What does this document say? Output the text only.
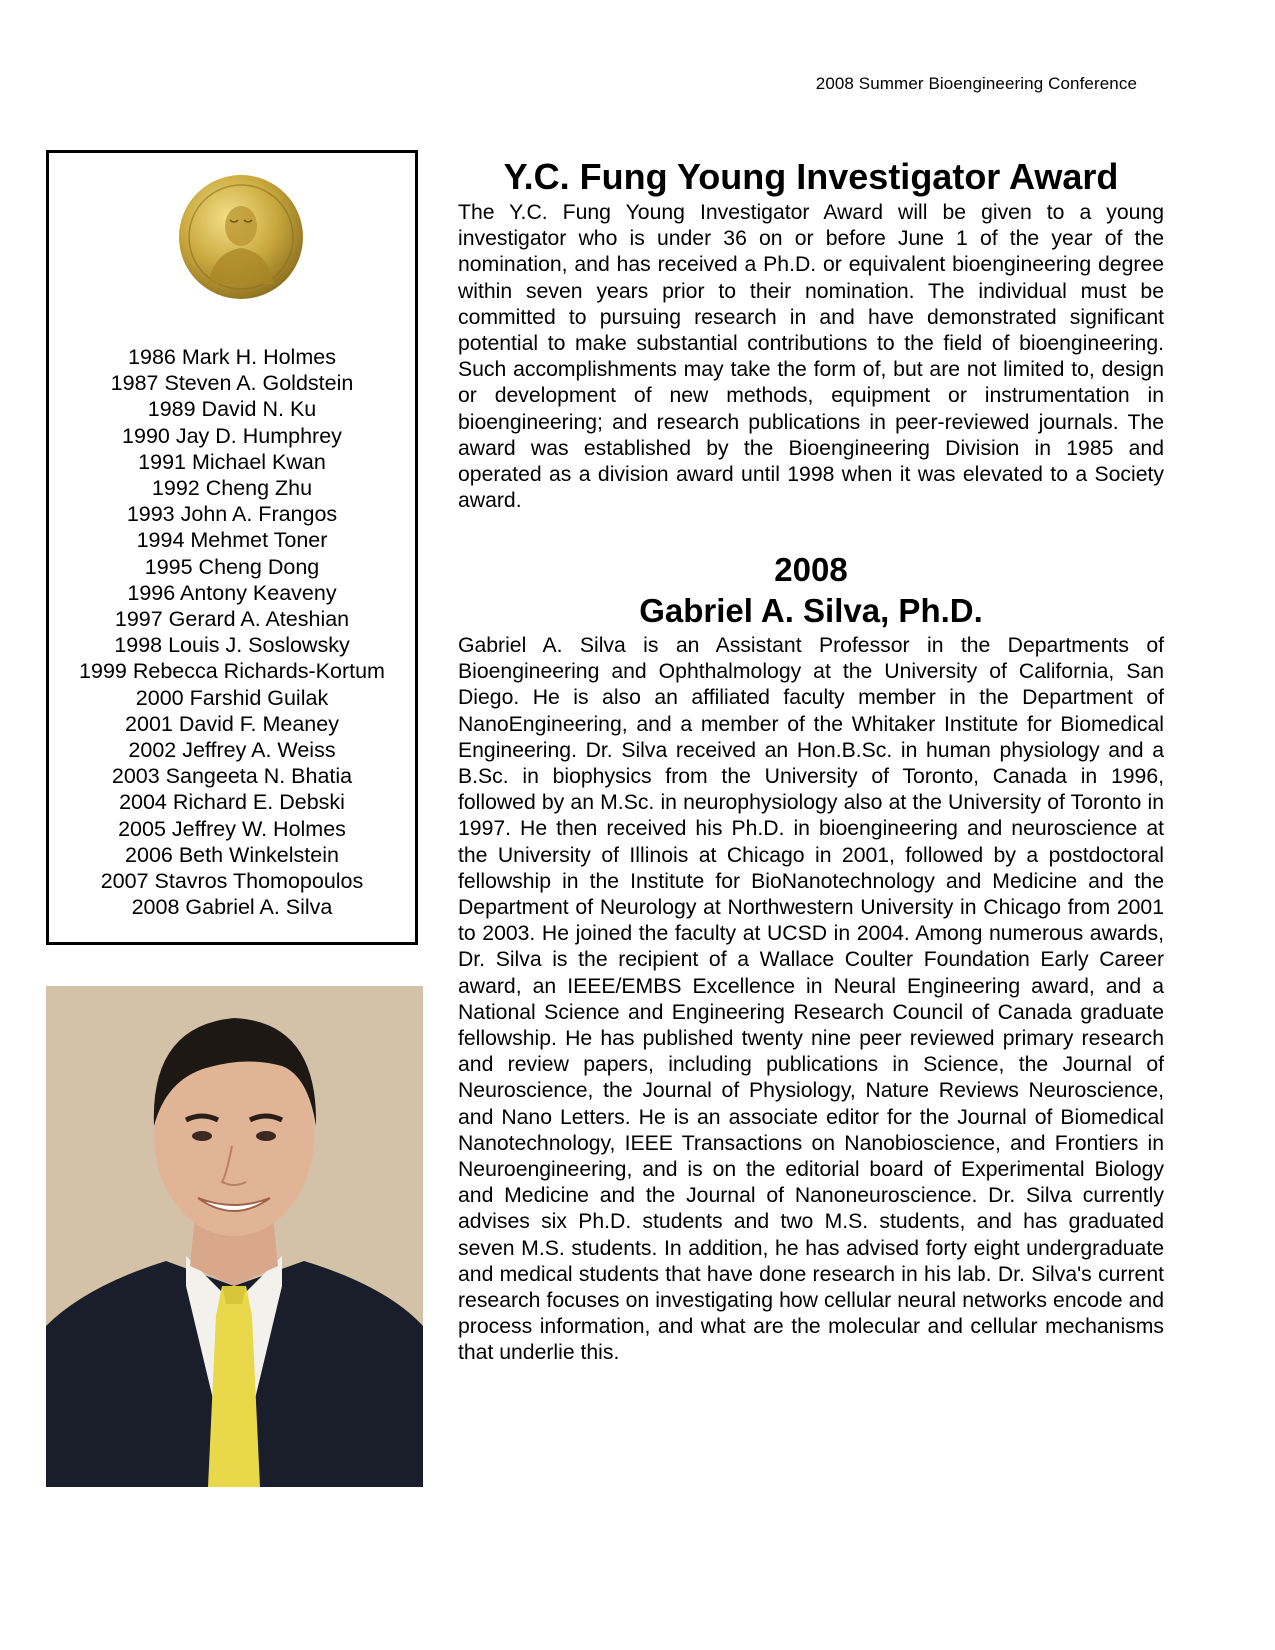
2008 Summer Bioengineering Conference
1986 Mark H. Holmes
1987 Steven A. Goldstein
1989 David N. Ku
1990 Jay D. Humphrey
1991 Michael Kwan
1992 Cheng Zhu
1993 John A. Frangos
1994 Mehmet Toner
1995 Cheng Dong
1996 Antony Keaveny
1997 Gerard A. Ateshian
1998 Louis J. Soslowsky
1999 Rebecca Richards-Kortum
2000 Farshid Guilak
2001 David F. Meaney
2002 Jeffrey A. Weiss
2003 Sangeeta N. Bhatia
2004 Richard E. Debski
2005 Jeffrey W. Holmes
2006 Beth Winkelstein
2007 Stavros Thomopoulos
2008 Gabriel A. Silva
Y.C. Fung Young Investigator Award

The Y.C. Fung Young Investigator Award will be given to a young investigator who is under 36 on or before June 1 of the year of the nomination, and has received a Ph.D. or equivalent bioengineering degree within seven years prior to their nomination. The individual must be committed to pursuing research in and have demonstrated significant potential to make substantial contributions to the field of bioengineering. Such accomplishments may take the form of, but are not limited to, design or development of new methods, equipment or instrumentation in bioengineering; and research publications in peer-reviewed journals. The award was established by the Bioengineering Division in 1985 and operated as a division award until 1998 when it was elevated to a Society award.

2008
Gabriel A. Silva, Ph.D.

Gabriel A. Silva is an Assistant Professor in the Departments of Bioengineering and Ophthalmology at the University of California, San Diego. He is also an affiliated faculty member in the Department of NanoEngineering, and a member of the Whitaker Institute for Biomedical Engineering. Dr. Silva received an Hon.B.Sc. in human physiology and a B.Sc. in biophysics from the University of Toronto, Canada in 1996, followed by an M.Sc. in neurophysiology also at the University of Toronto in 1997. He then received his Ph.D. in bioengineering and neuroscience at the University of Illinois at Chicago in 2001, followed by a postdoctoral fellowship in the Institute for BioNanotechnology and Medicine and the Department of Neurology at Northwestern University in Chicago from 2001 to 2003. He joined the faculty at UCSD in 2004. Among numerous awards, Dr. Silva is the recipient of a Wallace Coulter Foundation Early Career award, an IEEE/EMBS Excellence in Neural Engineering award, and a National Science and Engineering Research Council of Canada graduate fellowship. He has published twenty nine peer reviewed primary research and review papers, including publications in Science, the Journal of Neuroscience, the Journal of Physiology, Nature Reviews Neuroscience, and Nano Letters. He is an associate editor for the Journal of Biomedical Nanotechnology, IEEE Transactions on Nanobioscience, and Frontiers in Neuroengineering, and is on the editorial board of Experimental Biology and Medicine and the Journal of Nanoneuroscience. Dr. Silva currently advises six Ph.D. students and two M.S. students, and has graduated seven M.S. students. In addition, he has advised forty eight undergraduate and medical students that have done research in his lab. Dr. Silva's current research focuses on investigating how cellular neural networks encode and process information, and what are the molecular and cellular mechanisms that underlie this.
